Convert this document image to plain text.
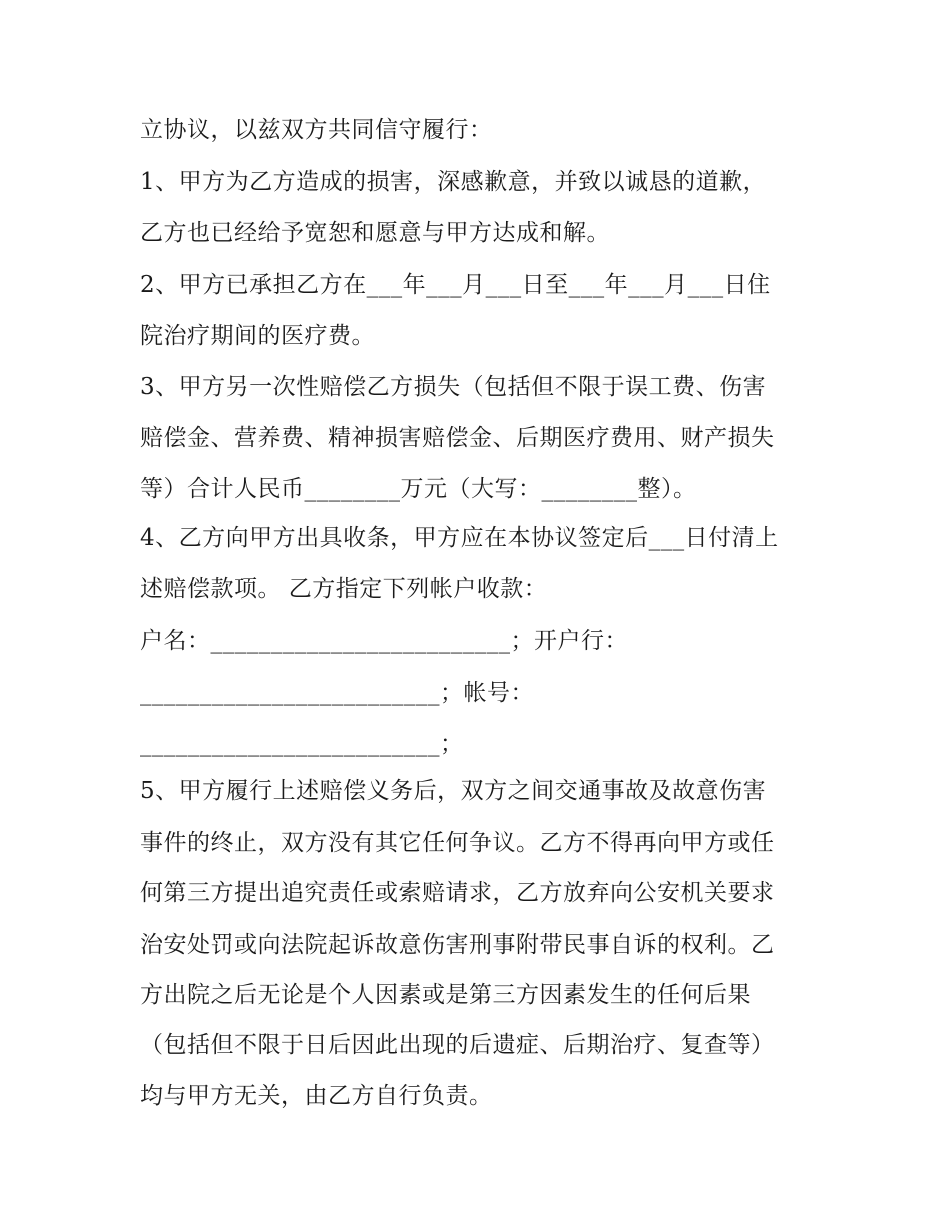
立协议，以兹双方共同信守履行：
1、甲方为乙方造成的损害，深感歉意，并致以诚恳的道歉，
乙方也已经给予宽恕和愿意与甲方达成和解。
2、甲方已承担乙方在___年___月___日至___年___月___日住
院治疗期间的医疗费。
3、甲方另一次性赔偿乙方损失（包括但不限于误工费、伤害
赔偿金、营养费、精神损害赔偿金、后期医疗费用、财产损失
等）合计人民币________万元（大写：________整）。
4、乙方向甲方出具收条，甲方应在本协议签定后___日付清上
述赔偿款项。 乙方指定下列帐户收款：
户名：_________________________；开户行：
_________________________；帐号：
_________________________；
5、甲方履行上述赔偿义务后，双方之间交通事故及故意伤害
事件的终止，双方没有其它任何争议。乙方不得再向甲方或任
何第三方提出追究责任或索赔请求，乙方放弃向公安机关要求
治安处罚或向法院起诉故意伤害刑事附带民事自诉的权利。乙
方出院之后无论是个人因素或是第三方因素发生的任何后果
（包括但不限于日后因此出现的后遗症、后期治疗、复查等）
均与甲方无关，由乙方自行负责。
